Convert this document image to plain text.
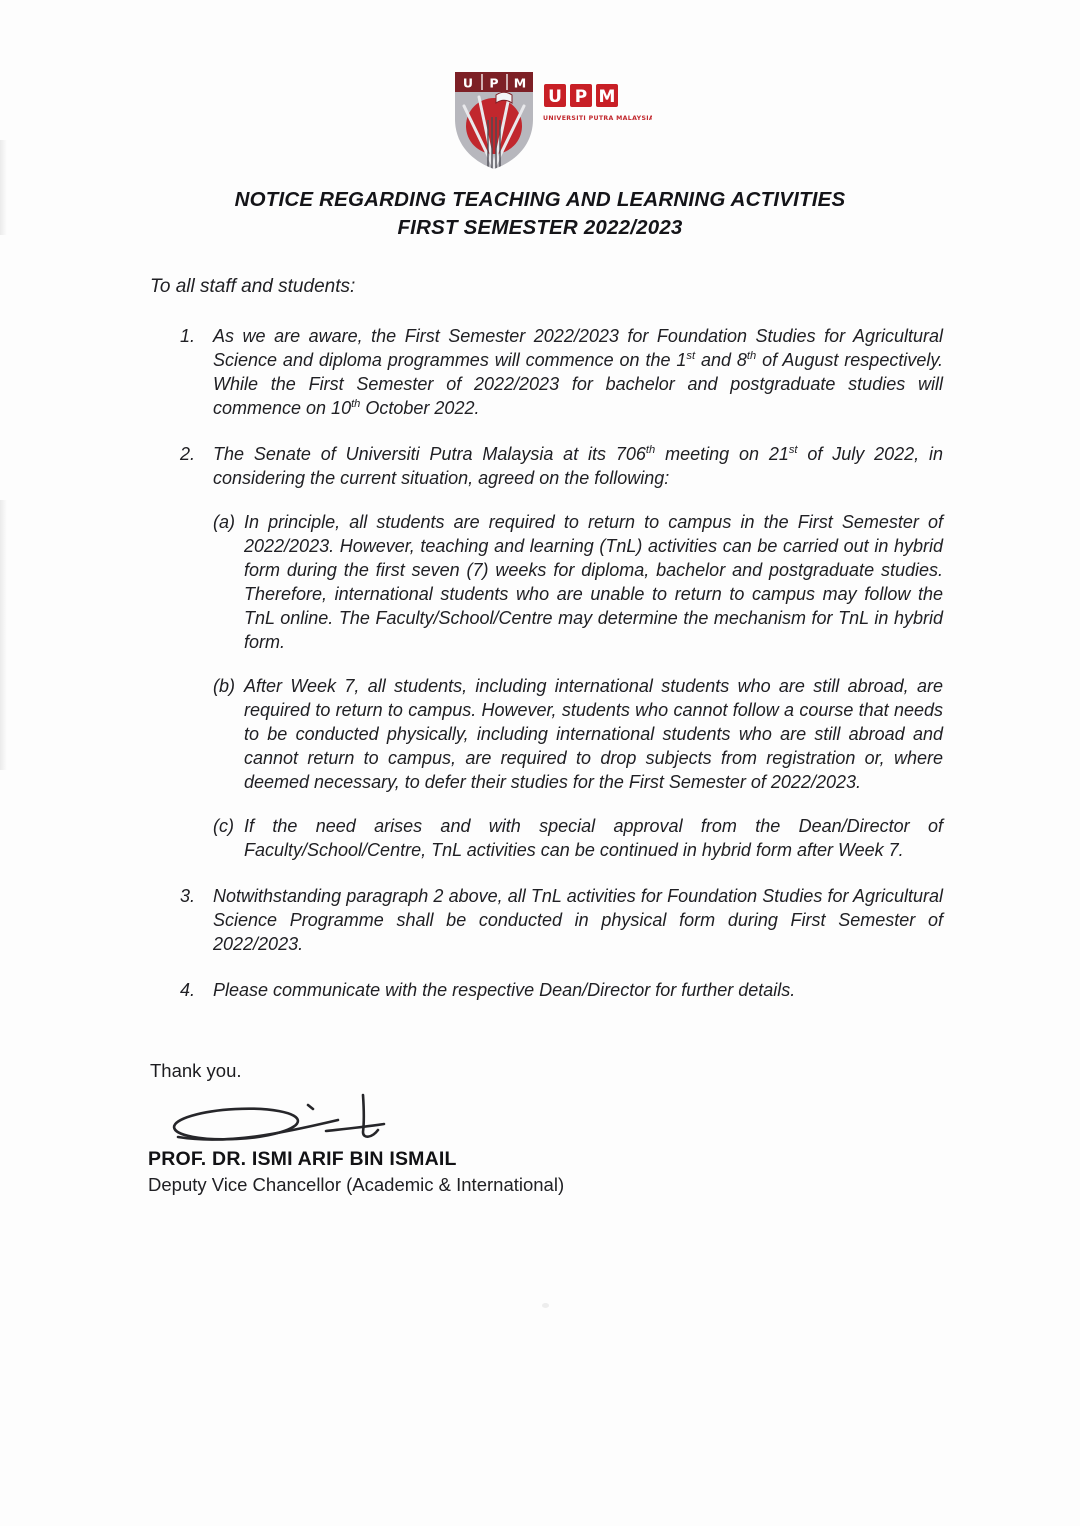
U P M
U P M
UNIVERSITI PUTRA MALAYSIA
NOTICE REGARDING TEACHING AND LEARNING ACTIVITIES
FIRST SEMESTER 2022/2023
To all staff and students:
1. As we are aware, the First Semester 2022/2023 for Foundation Studies for Agricultural Science and diploma programmes will commence on the 1st and 8th of August respectively. While the First Semester of 2022/2023 for bachelor and postgraduate studies will commence on 10th October 2022.
2. The Senate of Universiti Putra Malaysia at its 706th meeting on 21st of July 2022, in considering the current situation, agreed on the following:
(a) In principle, all students are required to return to campus in the First Semester of 2022/2023. However, teaching and learning (TnL) activities can be carried out in hybrid form during the first seven (7) weeks for diploma, bachelor and postgraduate studies. Therefore, international students who are unable to return to campus may follow the TnL online. The Faculty/School/Centre may determine the mechanism for TnL in hybrid form.
(b) After Week 7, all students, including international students who are still abroad, are required to return to campus. However, students who cannot follow a course that needs to be conducted physically, including international students who are still abroad and cannot return to campus, are required to drop subjects from registration or, where deemed necessary, to defer their studies for the First Semester of 2022/2023.
(c) If the need arises and with special approval from the Dean/Director of Faculty/School/Centre, TnL activities can be continued in hybrid form after Week 7.
3. Notwithstanding paragraph 2 above, all TnL activities for Foundation Studies for Agricultural Science Programme shall be conducted in physical form during First Semester of 2022/2023.
4. Please communicate with the respective Dean/Director for further details.
Thank you.
PROF. DR. ISMI ARIF BIN ISMAIL
Deputy Vice Chancellor (Academic & International)
